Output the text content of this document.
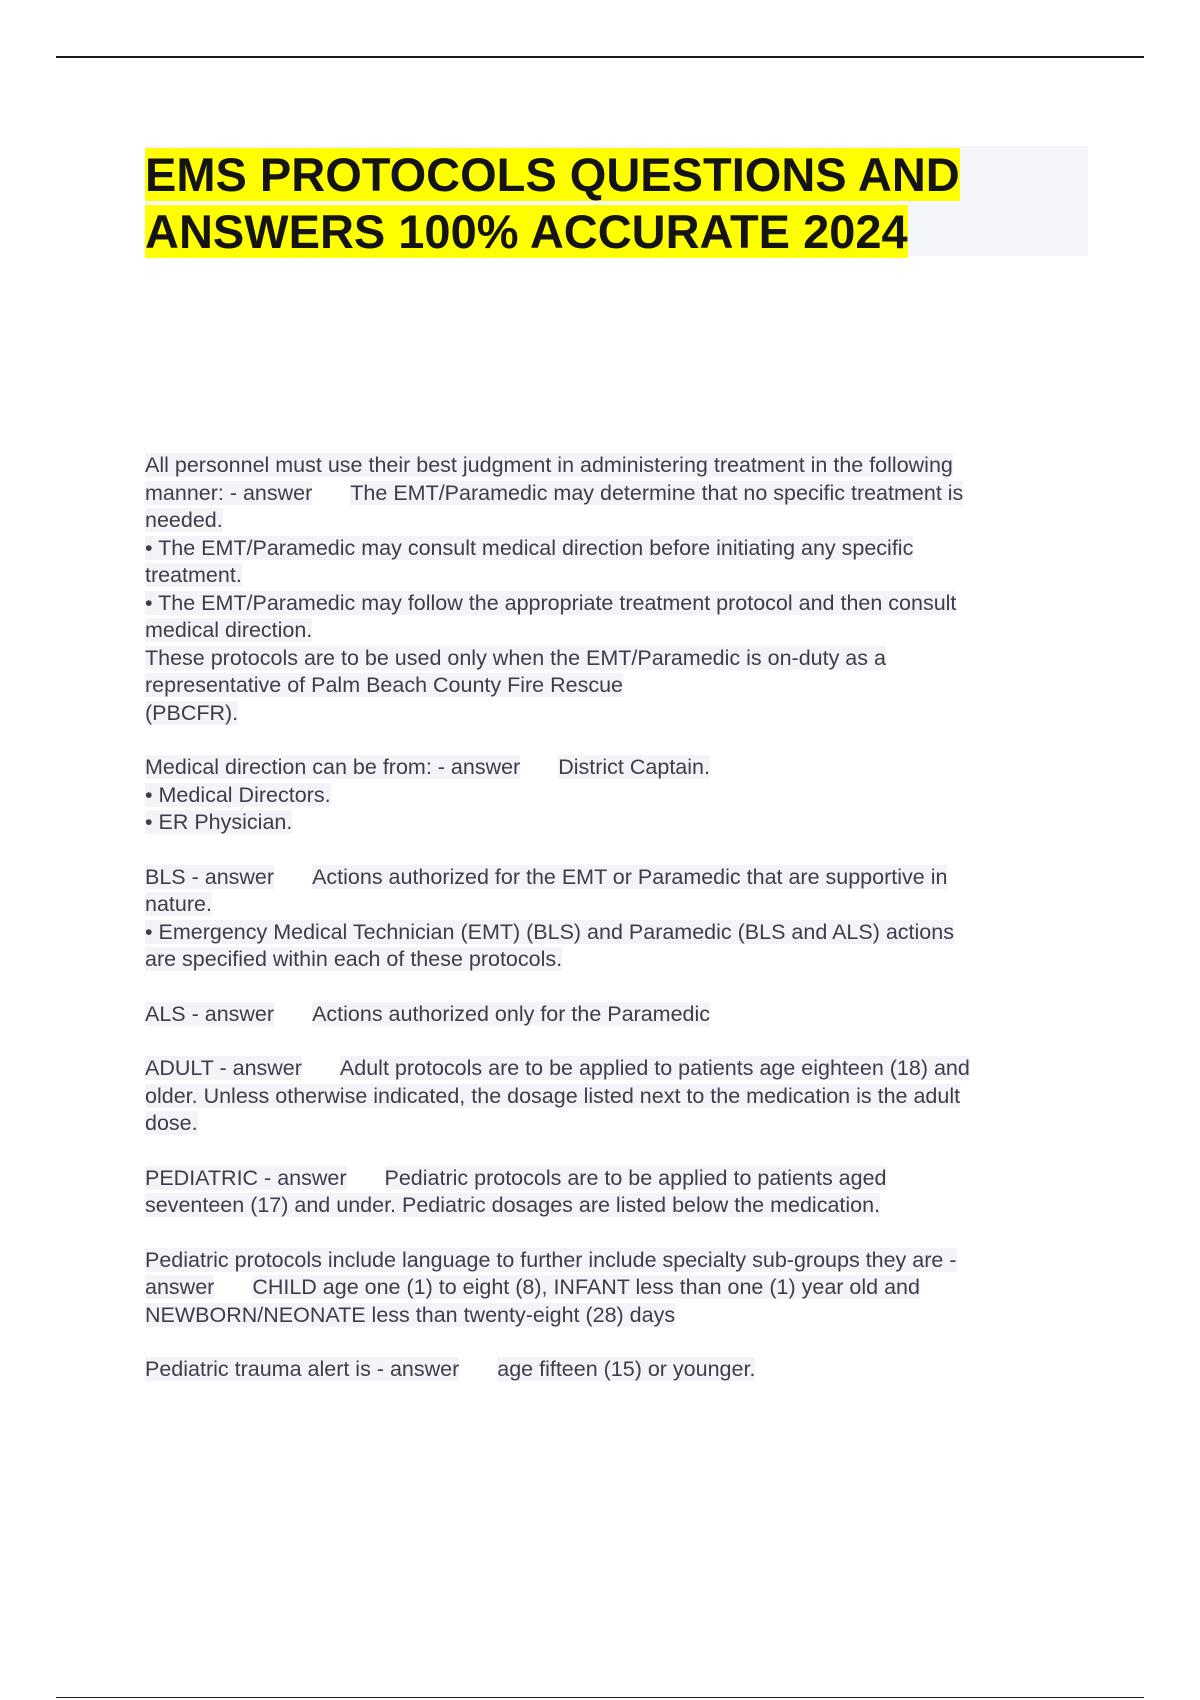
EMS PROTOCOLS QUESTIONS AND
ANSWERS 100% ACCURATE 2024
All personnel must use their best judgment in administering treatment in the following
manner: - answer The EMT/Paramedic may determine that no specific treatment is
needed.
• The EMT/Paramedic may consult medical direction before initiating any specific
treatment.
• The EMT/Paramedic may follow the appropriate treatment protocol and then consult
medical direction.
These protocols are to be used only when the EMT/Paramedic is on-duty as a
representative of Palm Beach County Fire Rescue
(PBCFR).
Medical direction can be from: - answer District Captain.
• Medical Directors.
• ER Physician.
BLS - answer Actions authorized for the EMT or Paramedic that are supportive in
nature.
• Emergency Medical Technician (EMT) (BLS) and Paramedic (BLS and ALS) actions
are specified within each of these protocols.
ALS - answer Actions authorized only for the Paramedic
ADULT - answer Adult protocols are to be applied to patients age eighteen (18) and
older. Unless otherwise indicated, the dosage listed next to the medication is the adult
dose.
PEDIATRIC - answer Pediatric protocols are to be applied to patients aged
seventeen (17) and under. Pediatric dosages are listed below the medication.
Pediatric protocols include language to further include specialty sub-groups they are -
answer CHILD age one (1) to eight (8), INFANT less than one (1) year old and
NEWBORN/NEONATE less than twenty-eight (28) days
Pediatric trauma alert is - answer age fifteen (15) or younger.
